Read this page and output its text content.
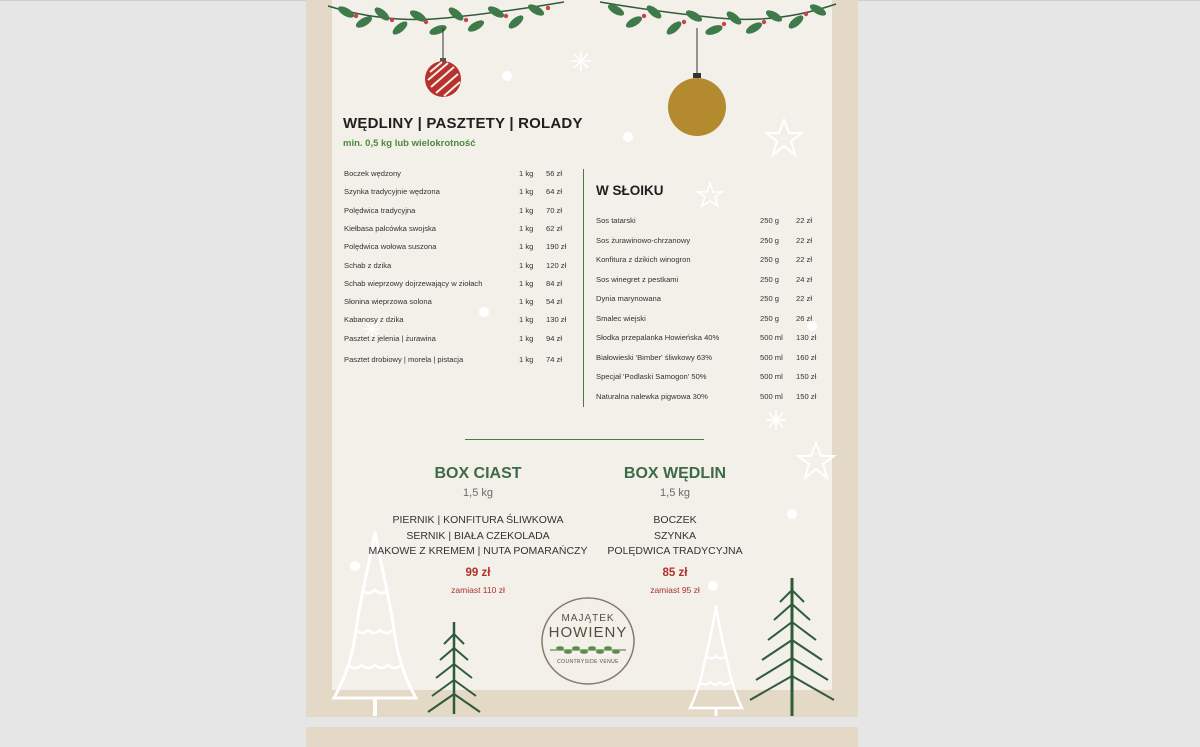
WĘDLINY | PASZTETY | ROLADY
min. 0,5 kg lub wielokrotność
Boczek wędzony	1 kg 56 zł
Szynka tradycyjnie wędzona	1 kg 64 zł
Polędwica tradycyjna	1 kg 70 zł
Kiełbasa palcówka swojska	1 kg 62 zł
Polędwica wołowa suszona	1 kg 190 zł
Schab z dzika	1 kg 120 zł
Schab wieprzowy dojrzewający w ziołach	1 kg 84 zł
Słonina wieprzowa solona	1 kg 54 zł
Kabanosy z dzika	1 kg 130 zł
Pasztet z jelenia | żurawina	1 kg 94 zł
Pasztet drobiowy | morela | pistacja	1 kg 74 zł
W SŁOIKU
Sos tatarski	250 g 22 zł
Sos żurawinowo-chrzanowy	250 g 22 zł
Konfitura z dzikich winogron	250 g 22 zł
Sos winegret z pestkami	250 g 24 zł
Dynia marynowana	250 g 22 zł
Smalec wiejski	250 g 26 zł
Słodka przepalanka Howieńska 40%	500 ml 130 zł
Białowieski 'Bimber' śliwkowy 63%	500 ml 160 zł
Specjał 'Podlaski Samogon' 50%	500 ml 150 zł
Naturalna nalewka pigwowa 30%	500 ml 150 zł
BOX CIAST
1,5 kg
PIERNIK | KONFITURA ŚLIWKOWA
SERNIK | BIAŁA CZEKOLADA
MAKOWE Z KREMEM | NUTA POMARAŃCZY
99 zł
zamiast 110 zł
BOX WĘDLIN
1,5 kg
BOCZEK
SZYNKA
POLĘDWICA TRADYCYJNA
85 zł
zamiast 95 zł
MAJĄTEK
HOWIENY
COUNTRYSIDE VENUE
